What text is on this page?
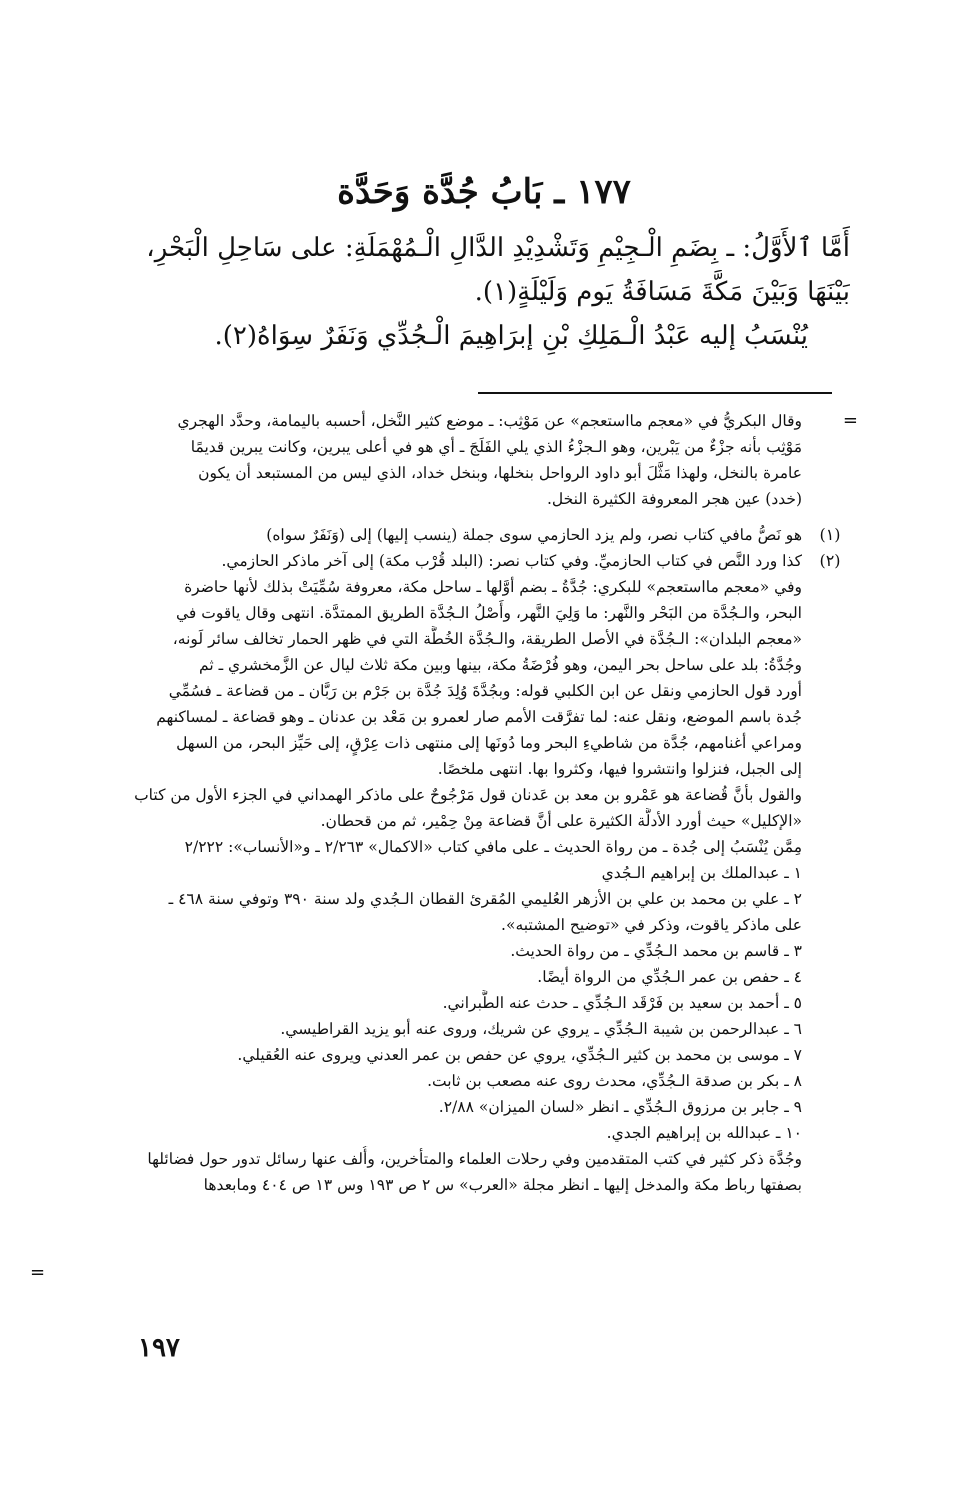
١٧٧ ـ بَابُ جُدَّة وَحَدَّة
أَمَّا ٱلأَوَّلُ: ـ بِضَمِ الْـجِيْمِ وَتَشْدِيْدِ الدَّالِ الْـمُهْمَلَةِ: على سَاحِلِ الْبَحْرِ،
بَيْنَهَا وَبَيْنَ مَكَّةَ مَسَافَةُ يَوم وَلَيْلَةٍ(١).
يُنْسَبُ إليه عَبْدُ الْـمَلِكِ بْنِ إبرَاهِيمَ الْـجُدِّي وَنَفَرٌ سِوَاهُ(٢).
=
وقال البكريُّ في «معجم مااستعجم» عن مَوْثِب: ـ موضع كثير النَّخل، أحسبه باليمامة، وحدَّد الهجري
مَوْثِب بأنه جزْءٌ من يَبْرين، وهو الـجزْءُ الذي يلي الفَلَجَ ـ أي هو في أعلى يبرين، وكانت يبرين قديمًا
عامرة بالنخل، ولهذا مَثَّلَ أبو داود الرواحل بنخلها، وبنخل خداد، الذي ليس من المستبعد أن يكون
(خدد) عين هجر المعروفة الكثيرة النخل.
(١)
هو نَصُّ مافي كتاب نصر، ولم يزد الحازمي سوى جملة (ينسب إليها) إلى (وَنَفَرٌ سواه)
(٢)
كذا ورد النَّص في كتاب الحازميِّ. وفي كتاب نصر: (البلد قُرْب مكة) إلى آخر ماذكر الحازمي.
وفي «معجم مااستعجم» للبكري: جُدَّةُ ـ بضم أوَّلها ـ ساحل مكة، معروفة سُمِّيَتْ بذلك لأنها حاضرة
البحر، والـجُدَّة من البَحْر والنَّهر: ما وَلِيَ النَّهر، وأَصْلُ الـجُدَّة الطريق الممتدَّة. انتهى وقال ياقوت في
«معجم البلدان»: الـجُدَّة في الأصل الطريقة، والـجُدَّة الخُطَّة التي في ظهر الحمار تخالف سائر لَونه،
وجُدَّةُ: بلد على ساحل بحر اليمن، وهو فُرْضَةُ مكة، بينها وبين مكة ثلاث ليال عن الزَّمخشري ـ ثم
أورد قول الحازمي ونقل عن ابن الكلبي قوله: وبجُدَّةَ وُلِدَ جُدَّة بن جَرْم بن رَبَّان ـ من قضاعة ـ فسُمِّي
جُدة باسم الموضع، ونقل عنه: لما تفرَّقت الأمم صار لعمرو بن مَعْد بن عدنان ـ وهو قضاعة ـ لمساكنهم
ومراعي أغنامهم، جُدَّة من شاطيءِ البحر وما دُونَها إلى منتهى ذات عِرْقٍ، إلى حَيِّز البحر، من السهل
إلى الجبل، فنزلوا وانتشروا فيها، وكثروا بها. انتهى ملخصًا.
والقول بأنَّ قُضاعة هو عَمْرو بن معد بن عَدنان قول مَرْجُوحٌ على ماذكر الهمداني في الجزء الأول من كتاب
«الإكليل» حيث أورد الأدلَّة الكثيرة على أنَّ قضاعة مِنْ حِمْير، ثم من قحطان.
مِمَّن يُنْسَبُ إلى جُدة ـ من رواة الحديث ـ على مافي كتاب «الاكمال» ٢/٢٦٣ ـ و«الأنساب»: ٢/٢٢٢
١ ـ عبدالملك بن إبراهيم الـجُدي
٢ ـ علي بن محمد بن علي بن الأزهر العُليمي المُقرئ القطان الـجُدي ولد سنة ٣٩٠ وتوفي سنة ٤٦٨ ـ
على ماذكر ياقوت، وذكر في «توضيح المشتبه».
٣ ـ قاسم بن محمد الـجُدِّي ـ من رواة الحديث.
٤ ـ حفص بن عمر الـجُدِّي من الرواة أيضًا.
٥ ـ أحمد بن سعيد بن فَرْقَد الـجُدِّي ـ حدث عنه الطَّبراني.
٦ ـ عبدالرحمن بن شيبة الـجُدِّي ـ يروي عن شريك، وروى عنه أبو يزيد القراطيسي.
٧ ـ موسى بن محمد بن كثير الـجُدِّي، يروي عن حفص بن عمر العدني ويروى عنه العُقيلي.
٨ ـ بكر بن صدقة الـجُدِّي، محدث روى عنه مصعب بن ثابت.
٩ ـ جابر بن مرزوق الـجُدِّي ـ انظر «لسان الميزان» ٢/٨٨.
١٠ ـ عبدالله بن إبراهيم الجدي.
وجُدَّة ذكر كثير في كتب المتقدمين وفي رحلات العلماء والمتأخرين، وأُلف عنها رسائل تدور حول فضائلها
بصفتها رباط مكة والمدخل إليها ـ انظر مجلة «العرب» س ٢ ص ١٩٣ وس ١٣ ص ٤٠٤ ومابعدها
=
١٩٧
